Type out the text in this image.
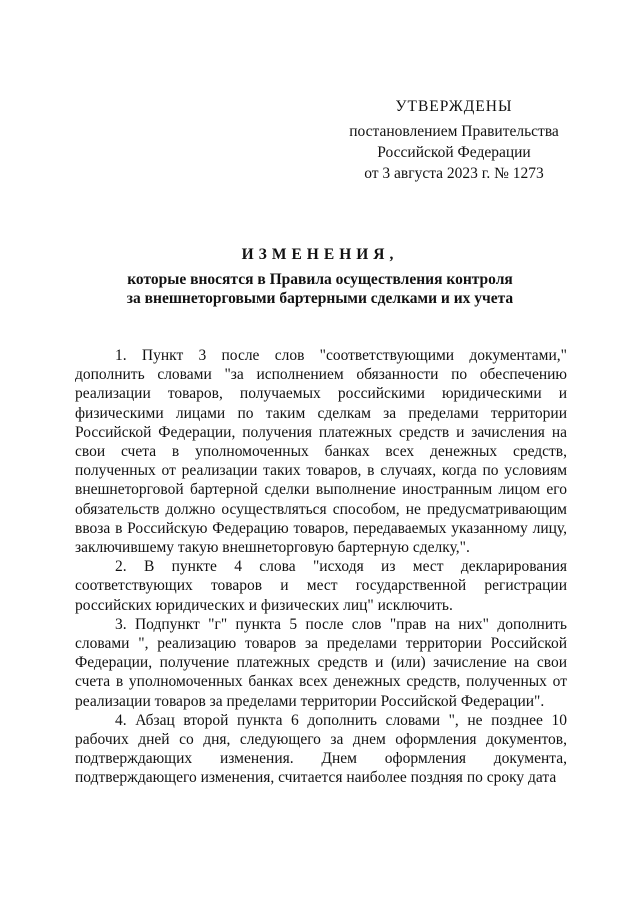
УТВЕРЖДЕНЫ
постановлением Правительства
Российской Федерации
от 3 августа 2023 г. № 1273
ИЗМЕНЕНИЯ,
которые вносятся в Правила осуществления контроля
за внешнеторговыми бартерными сделками и их учета

1. Пункт 3 после слов "соответствующими документами," дополнить словами "за исполнением обязанности по обеспечению реализации товаров, получаемых российскими юридическими и физическими лицами по таким сделкам за пределами территории Российской Федерации, получения платежных средств и зачисления на свои счета в уполномоченных банках всех денежных средств, полученных от реализации таких товаров, в случаях, когда по условиям внешнеторговой бартерной сделки выполнение иностранным лицом его обязательств должно осуществляться способом, не предусматривающим ввоза в Российскую Федерацию товаров, передаваемых указанному лицу, заключившему такую внешнеторговую бартерную сделку,".

2. В пункте 4 слова "исходя из мест декларирования соответствующих товаров и мест государственной регистрации российских юридических и физических лиц" исключить.

3. Подпункт "г" пункта 5 после слов "прав на них" дополнить словами ", реализацию товаров за пределами территории Российской Федерации, получение платежных средств и (или) зачисление на свои счета в уполномоченных банках всех денежных средств, полученных от реализации товаров за пределами территории Российской Федерации".

4. Абзац второй пункта 6 дополнить словами ", не позднее 10 рабочих дней со дня, следующего за днем оформления документов, подтверждающих изменения. Днем оформления документа, подтверждающего изменения, считается наиболее поздняя по сроку дата
